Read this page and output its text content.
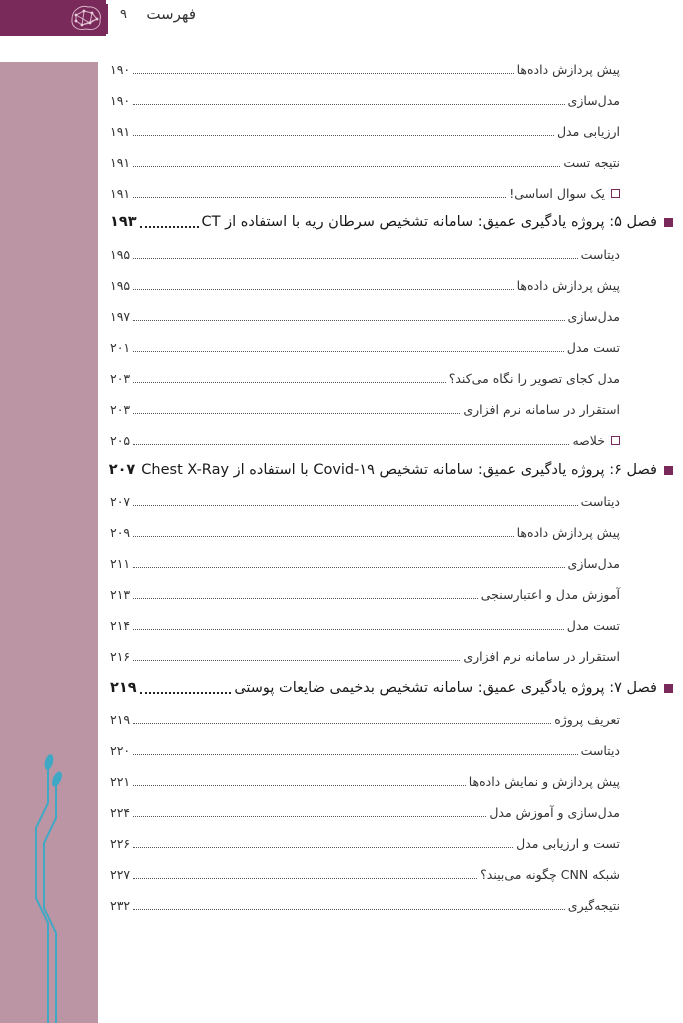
۹ فهرست
پیش پردازش داده‌ها
۱۹۰
مدل‌سازی
۱۹۰
ارزیابی مدل
۱۹۱
نتیجه تست
۱۹۱
یک سوال اساسی!
۱۹۱
فصل ۵: پروژه یادگیری عمیق: سامانه تشخیص سرطان ریه با استفاده از CT
۱۹۳
دیتاست
۱۹۵
پیش پردازش داده‌ها
۱۹۵
مدل‌سازی
۱۹۷
تست مدل
۲۰۱
مدل کجای تصویر را نگاه می‌کند؟
۲۰۳
استقرار در سامانه نرم افزاری
۲۰۳
خلاصه
۲۰۵
فصل ۶: پروژه یادگیری عمیق: سامانه تشخیص Covid-۱۹ با استفاده از Chest X-Ray
۲۰۷
دیتاست
۲۰۷
پیش پردازش داده‌ها
۲۰۹
مدل‌سازی
۲۱۱
آموزش مدل و اعتبارسنجی
۲۱۳
تست مدل
۲۱۴
استقرار در سامانه نرم افزاری
۲۱۶
فصل ۷: پروژه یادگیری عمیق: سامانه تشخیص بدخیمی ضایعات پوستی
۲۱۹
تعریف پروژه
۲۱۹
دیتاست
۲۲۰
پیش پردازش و نمایش داده‌ها
۲۲۱
مدل‌سازی و آموزش مدل
۲۲۴
تست و ارزیابی مدل
۲۲۶
شبکه CNN چگونه می‌بیند؟
۲۲۷
نتیجه‌گیری
۲۳۲
